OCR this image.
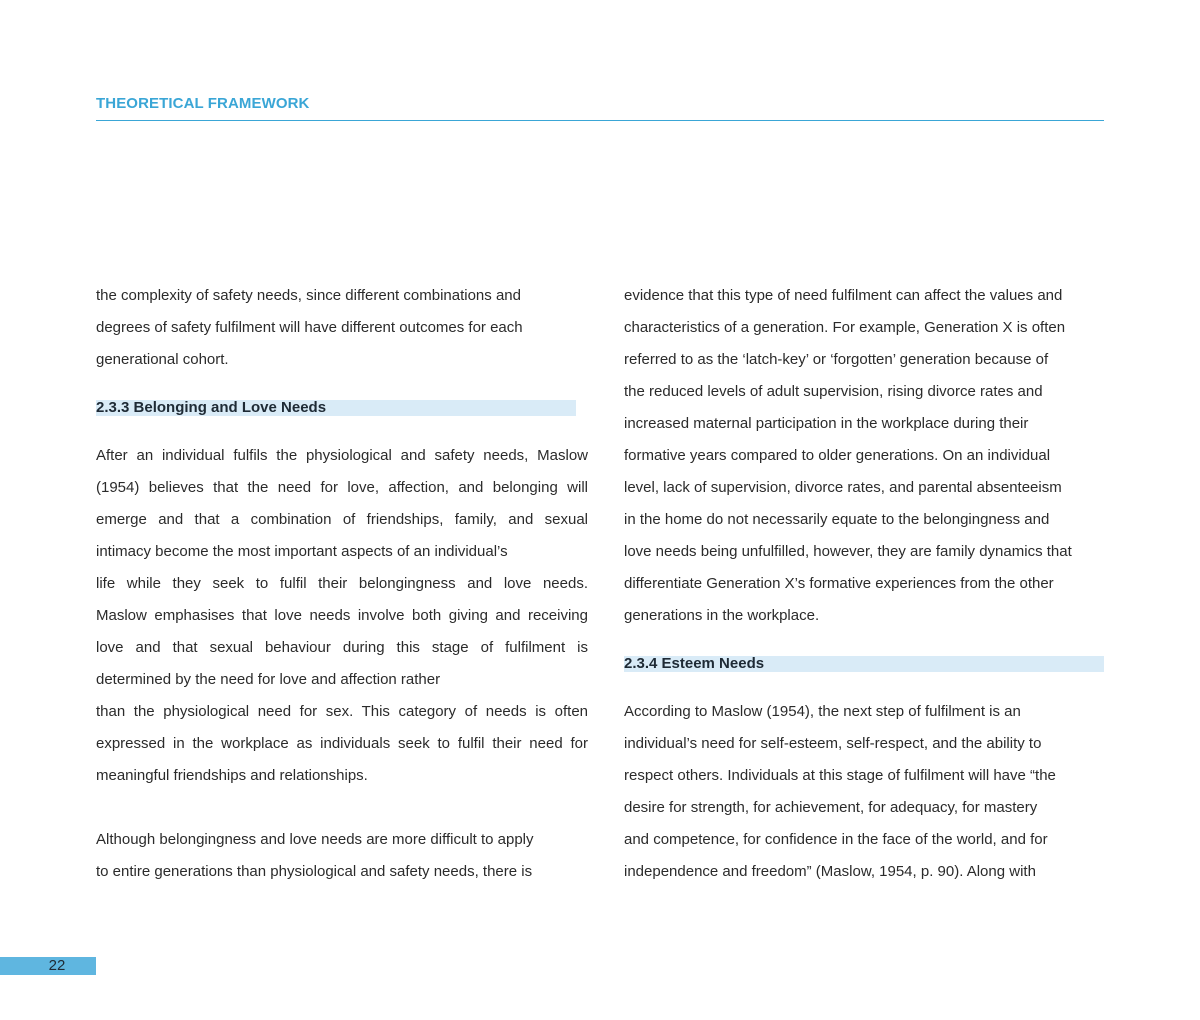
THEORETICAL FRAMEWORK
the complexity of safety needs, since different combinations and
degrees of safety fulfilment will have different outcomes for each
generational cohort.
2.3.3 Belonging and Love Needs
After an individual fulfils the physiological and safety needs, Maslow
(1954) believes that the need for love, affection, and belonging will
emerge and that a combination of friendships, family, and sexual
intimacy become the most important aspects of an individual’s
life while they seek to fulfil their belongingness and love needs.
Maslow emphasises that love needs involve both giving and receiving
love and that sexual behaviour during this stage of fulfilment is
determined by the need for love and affection rather
than the physiological need for sex. This category of needs is often
expressed in the workplace as individuals seek to fulfil their need for
meaningful friendships and relationships.
Although belongingness and love needs are more difficult to apply
to entire generations than physiological and safety needs, there is
evidence that this type of need fulfilment can affect the values and
characteristics of a generation. For example, Generation X is often
referred to as the ‘latch-key’ or ‘forgotten’ generation because of
the reduced levels of adult supervision, rising divorce rates and
increased maternal participation in the workplace during their
formative years compared to older generations. On an individual
level, lack of supervision, divorce rates, and parental absenteeism
in the home do not necessarily equate to the belongingness and
love needs being unfulfilled, however, they are family dynamics that
differentiate Generation X’s formative experiences from the other
generations in the workplace.
2.3.4 Esteem Needs
According to Maslow (1954), the next step of fulfilment is an
individual’s need for self-esteem, self-respect, and the ability to
respect others. Individuals at this stage of fulfilment will have “the
desire for strength, for achievement, for adequacy, for mastery
and competence, for confidence in the face of the world, and for
independence and freedom” (Maslow, 1954, p. 90). Along with
22
